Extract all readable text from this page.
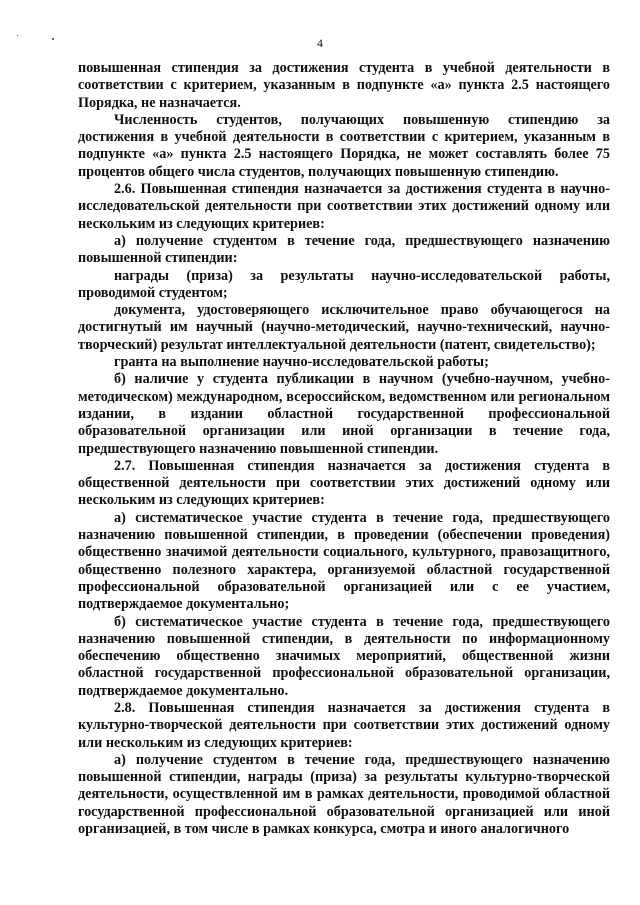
4

повышенная стипендия за достижения студента в учебной деятельности в соответствии с критерием, указанным в подпункте «а» пункта 2.5 настоящего Порядка, не назначается.

Численность студентов, получающих повышенную стипендию за достижения в учебной деятельности в соответствии с критерием, указанным в подпункте «а» пункта 2.5 настоящего Порядка, не может составлять более 75 процентов общего числа студентов, получающих повышенную стипендию.

2.6. Повышенная стипендия назначается за достижения студента в научно-исследовательской деятельности при соответствии этих достижений одному или нескольким из следующих критериев:

а) получение студентом в течение года, предшествующего назначению повышенной стипендии:

награды (приза) за результаты научно-исследовательской работы, проводимой студентом;

документа, удостоверяющего исключительное право обучающегося на достигнутый им научный (научно-методический, научно-технический, научно-творческий) результат интеллектуальной деятельности (патент, свидетельство);

гранта на выполнение научно-исследовательской работы;

б) наличие у студента публикации в научном (учебно-научном, учебно-методическом) международном, всероссийском, ведомственном или региональном издании, в издании областной государственной профессиональной образовательной организации или иной организации в течение года, предшествующего назначению повышенной стипендии.

2.7. Повышенная стипендия назначается за достижения студента в общественной деятельности при соответствии этих достижений одному или нескольким из следующих критериев:

а) систематическое участие студента в течение года, предшествующего назначению повышенной стипендии, в проведении (обеспечении проведения) общественно значимой деятельности социального, культурного, правозащитного, общественно полезного характера, организуемой областной государственной профессиональной образовательной организацией или с ее участием, подтверждаемое документально;

б) систематическое участие студента в течение года, предшествующего назначению повышенной стипендии, в деятельности по информационному обеспечению общественно значимых мероприятий, общественной жизни областной государственной профессиональной образовательной организации, подтверждаемое документально.

2.8. Повышенная стипендия назначается за достижения студента в культурно-творческой деятельности при соответствии этих достижений одному или нескольким из следующих критериев:

а) получение студентом в течение года, предшествующего назначению повышенной стипендии, награды (приза) за результаты культурно-творческой деятельности, осуществленной им в рамках деятельности, проводимой областной государственной профессиональной образовательной организацией или иной организацией, в том числе в рамках конкурса, смотра и иного аналогичного
